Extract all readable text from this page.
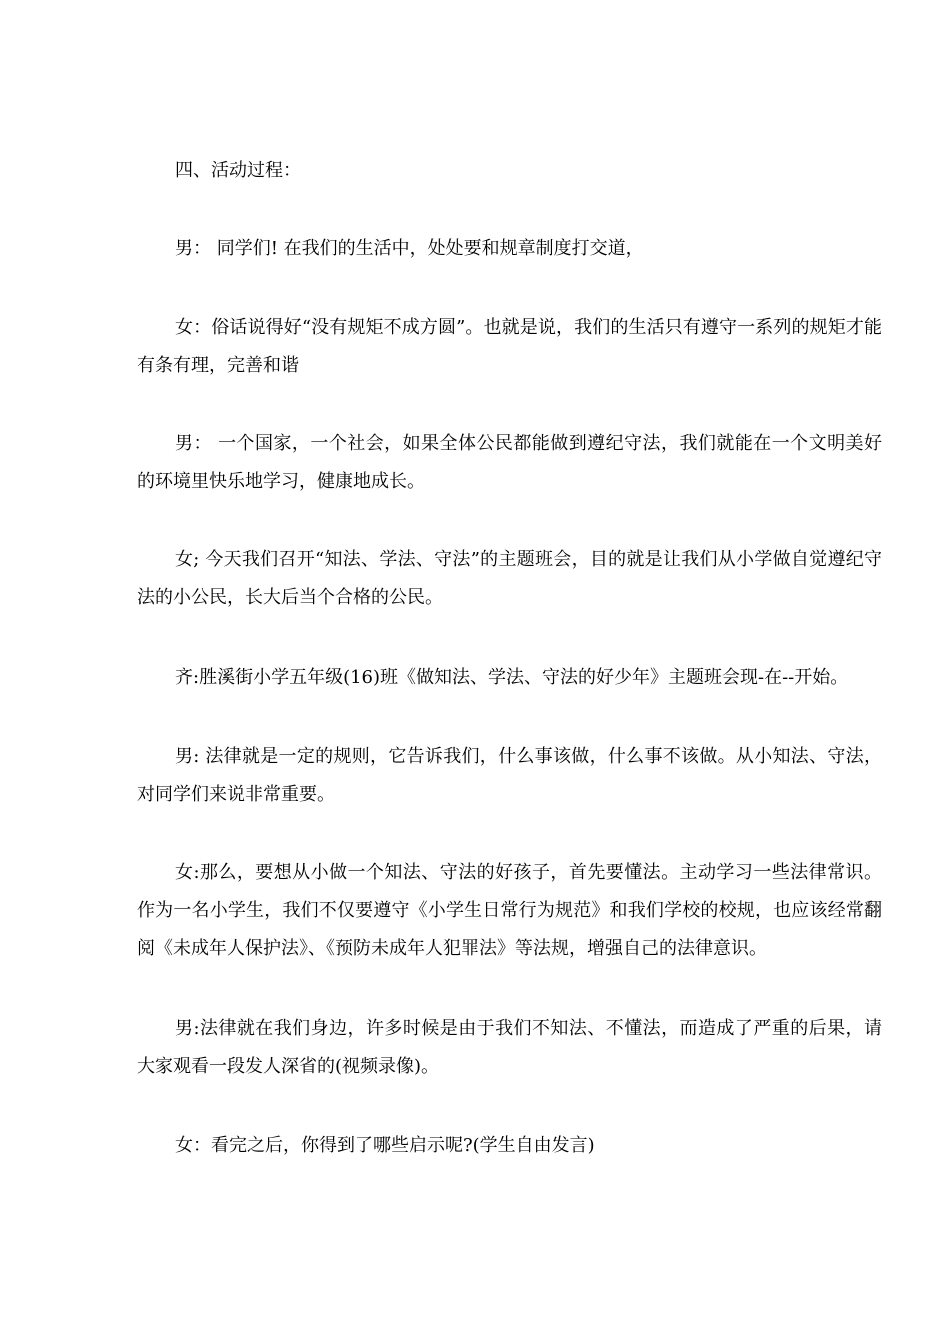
四、活动过程：

男： 同学们! 在我们的生活中，处处要和规章制度打交道，

女：俗话说得好“没有规矩不成方圆”。也就是说，我们的生活只有遵守一系列的规矩才能有条有理，完善和谐

男： 一个国家，一个社会，如果全体公民都能做到遵纪守法，我们就能在一个文明美好的环境里快乐地学习，健康地成长。

女; 今天我们召开“知法、学法、守法”的主题班会，目的就是让我们从小学做自觉遵纪守法的小公民，长大后当个合格的公民。

齐:胜溪街小学五年级(16)班《做知法、学法、守法的好少年》主题班会现-在--开始。

男: 法律就是一定的规则，它告诉我们，什么事该做，什么事不该做。从小知法、守法，对同学们来说非常重要。

女:那么，要想从小做一个知法、守法的好孩子，首先要懂法。主动学习一些法律常识。作为一名小学生，我们不仅要遵守《小学生日常行为规范》和我们学校的校规，也应该经常翻阅《未成年人保护法》、《预防未成年人犯罪法》等法规，增强自己的法律意识。

男:法律就在我们身边，许多时候是由于我们不知法、不懂法，而造成了严重的后果，请大家观看一段发人深省的(视频录像)。

女：看完之后，你得到了哪些启示呢?(学生自由发言)
